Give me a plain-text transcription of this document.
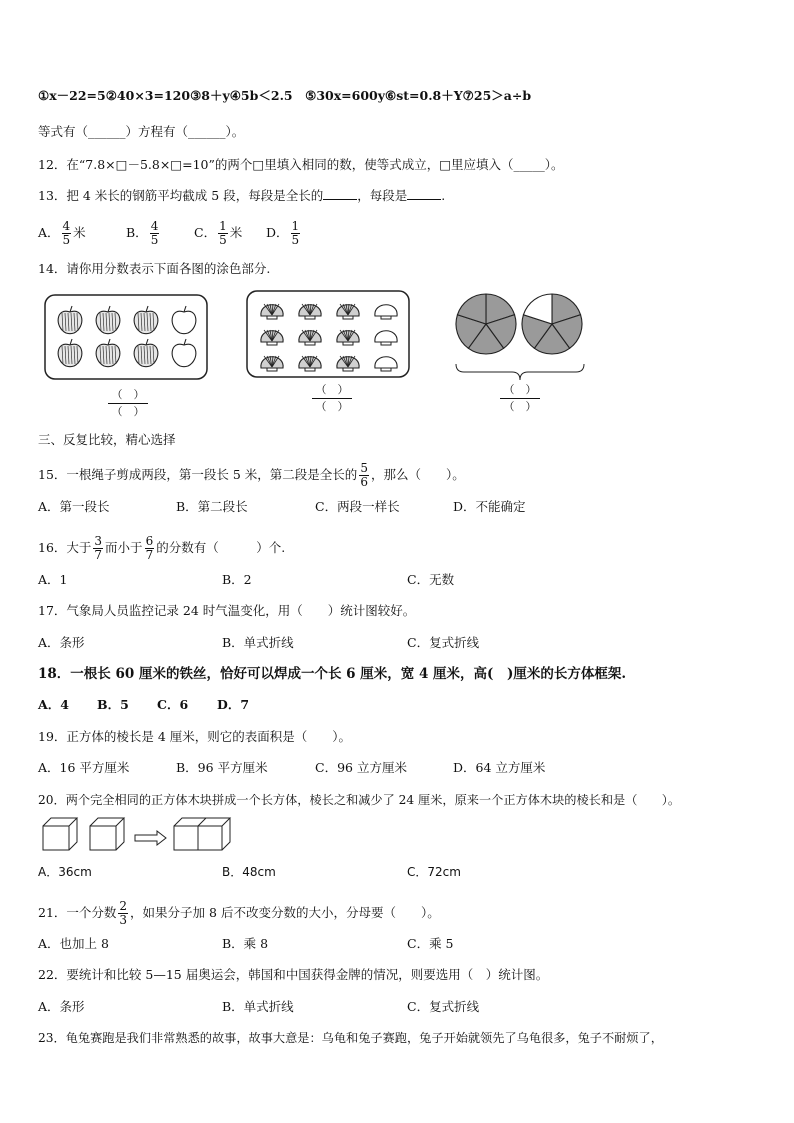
①x－22=5②40×3=120③8＋y④5b＜2.5　⑤30x=600y⑥st=0.8＋Y⑦25＞a÷b
等式有（______）方程有（______）。
12．在“7.8×□－5.8×□=10”的两个□里填入相同的数，使等式成立，□里应填入（_____）。
13．把 4 米长的钢筋平均截成 5 段，每段是全长的	，每段是	.
A． $\frac{4}{5}$ 米	B． $\frac{4}{5}$	C． $\frac{1}{5}$ 米 D． $\frac{1}{5}$
14．请你用分数表示下面各图的涂色部分.
（　）
（　）
（　）
（　）
（　）
（　）
三、反复比较，精心选择
15．一根绳子剪成两段，第一段长 5 米，第二段是全长的 $\frac{5}{6}$ ，那么（　　）。
A．第一段长	B．第二段长	C．两段一样长	D．不能确定
16．大于 $\frac{3}{7}$ 而小于 $\frac{6}{7}$ 的分数有（　　　）个.
A．1	B．2	C．无数
17．气象局人员监控记录 24 时气温变化，用（　　）统计图较好。
A．条形	B．单式折线	C．复式折线
18．一根长 60 厘米的铁丝，恰好可以焊成一个长 6 厘米，宽 4 厘米，高(　)厘米的长方体框架.
A．4 B．5 C．6 D．7
19．正方体的棱长是 4 厘米，则它的表面积是（　　）。
A．16 平方厘米	B．96 平方厘米	C．96 立方厘米	D．64 立方厘米
20．两个完全相同的正方体木块拼成一个长方体，棱长之和减少了 24 厘米，原来一个正方体木块的棱长和是（　　）。
A．36cm	B．48cm	C．72cm
21．一个分数 $\frac{2}{3}$ ，如果分子加 8 后不改变分数的大小，分母要（　　）。
A．也加上 8	B．乘 8	C．乘 5
22．要统计和比较 5—15 届奥运会，韩国和中国获得金牌的情况，则要选用（　）统计图。
A．条形	B．单式折线	C．复式折线
23．龟兔赛跑是我们非常熟悉的故事，故事大意是：乌龟和兔子赛跑，兔子开始就领先了乌龟很多，兔子不耐烦了，
